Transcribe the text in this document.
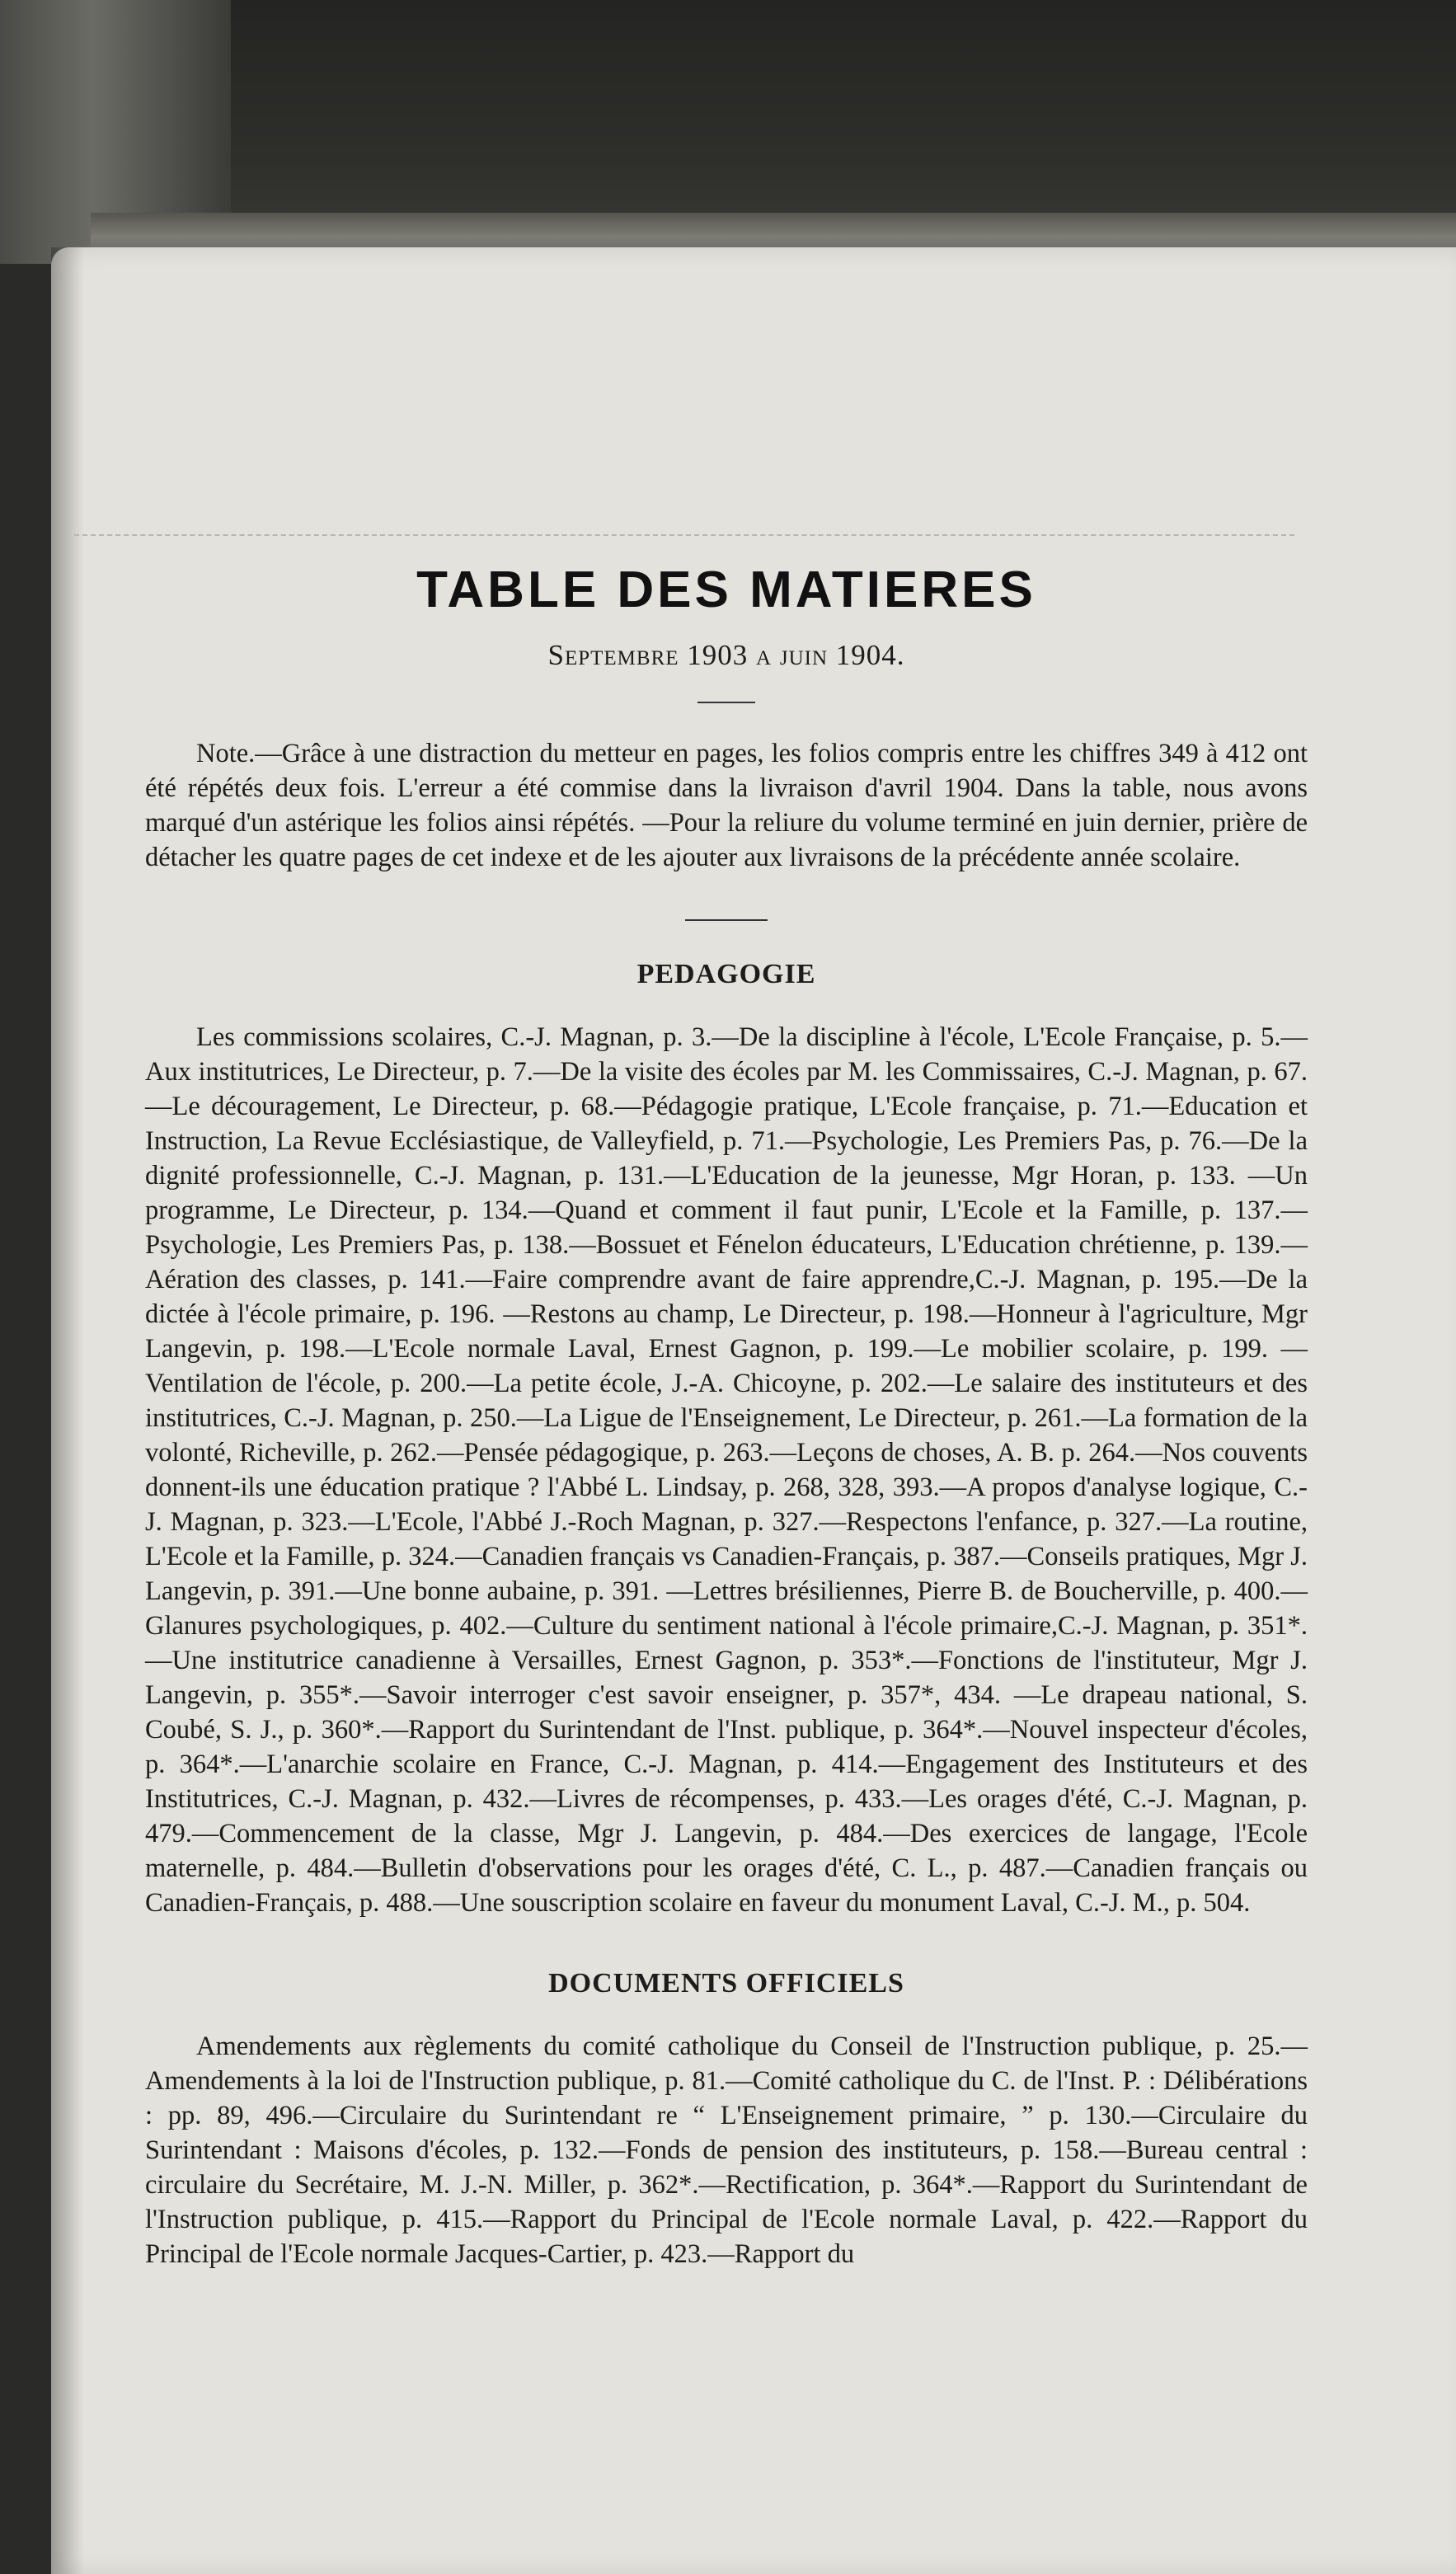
TABLE DES MATIERES

Septembre 1903 a juin 1904.

Note.—Grâce à une distraction du metteur en pages, les folios compris entre les chiffres 349 à 412 ont été répétés deux fois. L'erreur a été commise dans la livraison d'avril 1904. Dans la table, nous avons marqué d'un astérique les folios ainsi répétés. —Pour la reliure du volume terminé en juin dernier, prière de détacher les quatre pages de cet indexe et de les ajouter aux livraisons de la précédente année scolaire.

PEDAGOGIE

Les commissions scolaires, C.-J. Magnan, p. 3.—De la discipline à l'école, L'Ecole Française, p. 5.—Aux institutrices, Le Directeur, p. 7.—De la visite des écoles par M. les Commissaires, C.-J. Magnan, p. 67.—Le découragement, Le Directeur, p. 68.—Pédagogie pratique, L'Ecole française, p. 71.—Education et Instruction, La Revue Ecclésiastique, de Valleyfield, p. 71.—Psychologie, Les Premiers Pas, p. 76.—De la dignité professionnelle, C.-J. Magnan, p. 131.—L'Education de la jeunesse, Mgr Horan, p. 133. —Un programme, Le Directeur, p. 134.—Quand et comment il faut punir, L'Ecole et la Famille, p. 137.—Psychologie, Les Premiers Pas, p. 138.—Bossuet et Fénelon éducateurs, L'Education chrétienne, p. 139.—Aération des classes, p. 141.—Faire comprendre avant de faire apprendre,C.-J. Magnan, p. 195.—De la dictée à l'école primaire, p. 196. —Restons au champ, Le Directeur, p. 198.—Honneur à l'agriculture, Mgr Langevin, p. 198.—L'Ecole normale Laval, Ernest Gagnon, p. 199.—Le mobilier scolaire, p. 199. —Ventilation de l'école, p. 200.—La petite école, J.-A. Chicoyne, p. 202.—Le salaire des instituteurs et des institutrices, C.-J. Magnan, p. 250.—La Ligue de l'Enseignement, Le Directeur, p. 261.—La formation de la volonté, Richeville, p. 262.—Pensée pédagogique, p. 263.—Leçons de choses, A. B. p. 264.—Nos couvents donnent-ils une éducation pratique ? l'Abbé L. Lindsay, p. 268, 328, 393.—A propos d'analyse logique, C.-J. Magnan, p. 323.—L'Ecole, l'Abbé J.-Roch Magnan, p. 327.—Respectons l'enfance, p. 327.—La routine, L'Ecole et la Famille, p. 324.—Canadien français vs Canadien-Français, p. 387.—Conseils pratiques, Mgr J. Langevin, p. 391.—Une bonne aubaine, p. 391. —Lettres brésiliennes, Pierre B. de Boucherville, p. 400.—Glanures psychologiques, p. 402.—Culture du sentiment national à l'école primaire,C.-J. Magnan, p. 351*.—Une institutrice canadienne à Versailles, Ernest Gagnon, p. 353*.—Fonctions de l'instituteur, Mgr J. Langevin, p. 355*.—Savoir interroger c'est savoir enseigner, p. 357*, 434. —Le drapeau national, S. Coubé, S. J., p. 360*.—Rapport du Surintendant de l'Inst. publique, p. 364*.—Nouvel inspecteur d'écoles, p. 364*.—L'anarchie scolaire en France, C.-J. Magnan, p. 414.—Engagement des Instituteurs et des Institutrices, C.-J. Magnan, p. 432.—Livres de récompenses, p. 433.—Les orages d'été, C.-J. Magnan, p. 479.—Commencement de la classe, Mgr J. Langevin, p. 484.—Des exercices de langage, l'Ecole maternelle, p. 484.—Bulletin d'observations pour les orages d'été, C. L., p. 487.—Canadien français ou Canadien-Français, p. 488.—Une souscription scolaire en faveur du monument Laval, C.-J. M., p. 504.

DOCUMENTS OFFICIELS

Amendements aux règlements du comité catholique du Conseil de l'Instruction publique, p. 25.—Amendements à la loi de l'Instruction publique, p. 81.—Comité catholique du C. de l'Inst. P. : Délibérations : pp. 89, 496.—Circulaire du Surintendant re “ L'Enseignement primaire, ” p. 130.—Circulaire du Surintendant : Maisons d'écoles, p. 132.—Fonds de pension des instituteurs, p. 158.—Bureau central : circulaire du Secrétaire, M. J.-N. Miller, p. 362*.—Rectification, p. 364*.—Rapport du Surintendant de l'Instruction publique, p. 415.—Rapport du Principal de l'Ecole normale Laval, p. 422.—Rapport du Principal de l'Ecole normale Jacques-Cartier, p. 423.—Rapport du
